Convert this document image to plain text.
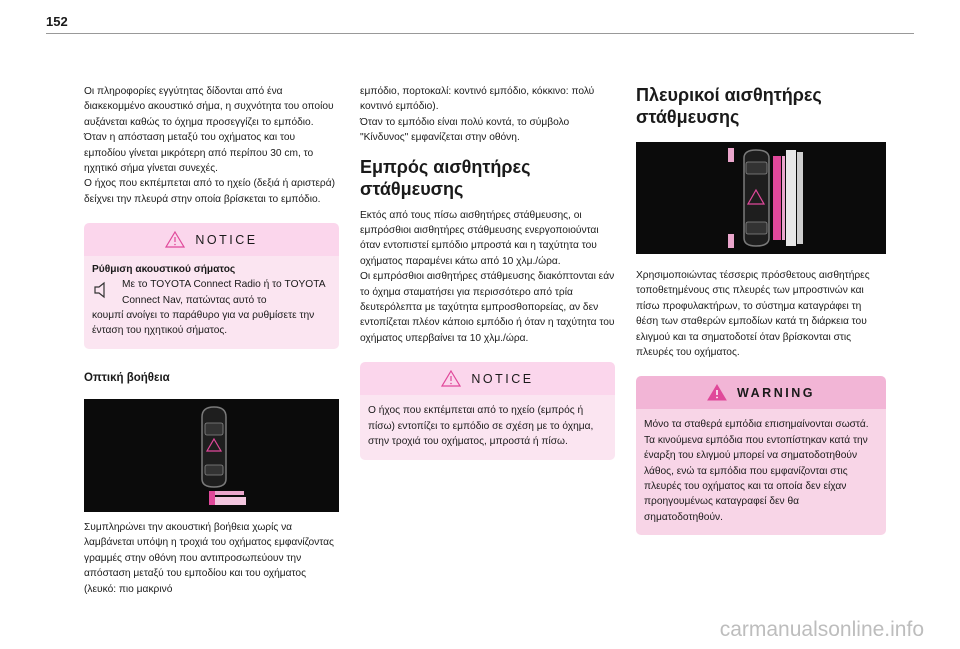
152

Οι πληροφορίες εγγύτητας δίδονται από ένα διακεκομμένο ακουστικό σήμα, η συχνότητα του οποίου αυξάνεται καθώς το όχημα προσεγγίζει το εμπόδιο.

Όταν η απόσταση μεταξύ του οχήματος και του εμποδίου γίνεται μικρότερη από περίπου 30 cm, το ηχητικό σήμα γίνεται συνεχές.

Ο ήχος που εκπέμπεται από το ηχείο (δεξιά ή αριστερά) δείχνει την πλευρά στην οποία βρίσκεται το εμπόδιο.

NOTICE
Ρύθμιση ακουστικού σήματος

Με το TOYOTA Connect Radio ή το TOYOTA Connect Nav, πατώντας αυτό το

κουμπί ανοίγει το παράθυρο για να ρυθμίσετε την ένταση του ηχητικού σήματος.

Οπτική βοήθεια

Συμπληρώνει την ακουστική βοήθεια χωρίς να λαμβάνεται υπόψη η τροχιά του οχήματος εμφανίζοντας γραμμές στην οθόνη που αντιπροσωπεύουν την απόσταση μεταξύ του εμποδίου και του οχήματος (λευκό: πιο μακρινό

εμπόδιο, πορτοκαλί: κοντινό εμπόδιο, κόκκινο: πολύ κοντινό εμπόδιο).

Όταν το εμπόδιο είναι πολύ κοντά, το σύμβολο "Κίνδυνος" εμφανίζεται στην οθόνη.

Εμπρός αισθητήρες στάθμευσης

Εκτός από τους πίσω αισθητήρες στάθμευσης, οι εμπρόσθιοι αισθητήρες στάθμευσης ενεργοποιούνται όταν εντοπιστεί εμπόδιο μπροστά και η ταχύτητα του οχήματος παραμένει κάτω από 10 χλμ./ώρα.

Οι εμπρόσθιοι αισθητήρες στάθμευσης διακόπτονται εάν το όχημα σταματήσει για περισσότερο από τρία δευτερόλεπτα με ταχύτητα εμπροσθοπορείας, αν δεν εντοπίζεται πλέον κάποιο εμπόδιο ή όταν η ταχύτητα του οχήματος υπερβαίνει τα 10 χλμ./ώρα.

NOTICE

Ο ήχος που εκπέμπεται από το ηχείο (εμπρός ή πίσω) εντοπίζει το εμπόδιο σε σχέση με το όχημα, στην τροχιά του οχήματος, μπροστά ή πίσω.

Πλευρικοί αισθητήρες στάθμευσης

Χρησιμοποιώντας τέσσερις πρόσθετους αισθητήρες τοποθετημένους στις πλευρές των μπροστινών και πίσω προφυλακτήρων, το σύστημα καταγράφει τη θέση των σταθερών εμποδίων κατά τη διάρκεια του ελιγμού και τα σηματοδοτεί όταν βρίσκονται στις πλευρές του οχήματος.

WARNING

Μόνο τα σταθερά εμπόδια επισημαίνονται σωστά. Τα κινούμενα εμπόδια που εντοπίστηκαν κατά την έναρξη του ελιγμού μπορεί να σηματοδοτηθούν λάθος, ενώ τα εμπόδια που εμφανίζονται στις πλευρές του οχήματος και τα οποία δεν είχαν προηγουμένως καταγραφεί δεν θα σηματοδοτηθούν.

carmanualsonline.info
